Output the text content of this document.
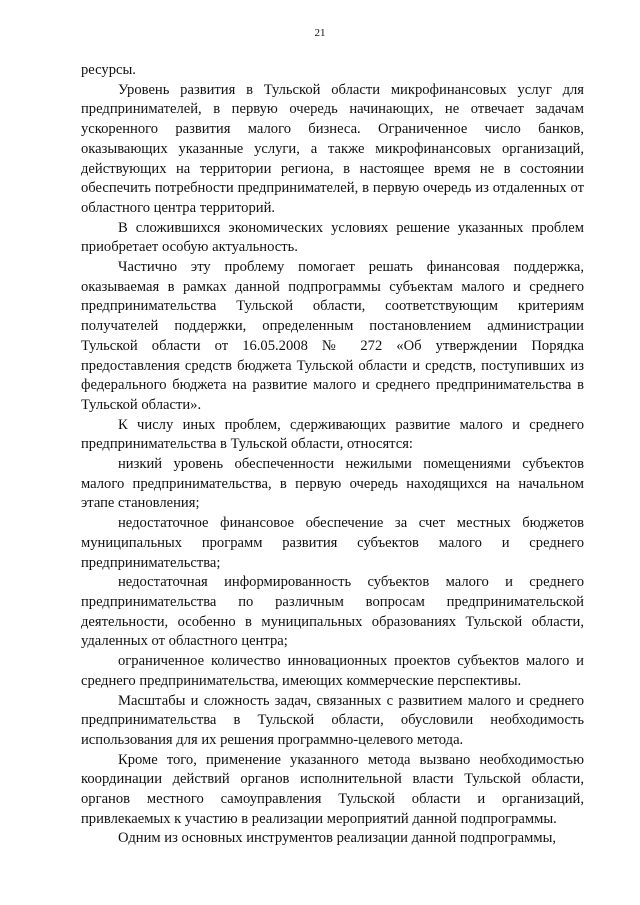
21

ресурсы.

Уровень развития в Тульской области микрофинансовых услуг для предпринимателей, в первую очередь начинающих, не отвечает задачам ускоренного развития малого бизнеса. Ограниченное число банков, оказывающих указанные услуги, а также микрофинансовых организаций, действующих на территории региона, в настоящее время не в состоянии обеспечить потребности предпринимателей, в первую очередь из отдаленных от областного центра территорий.

В сложившихся экономических условиях решение указанных проблем приобретает особую актуальность.

Частично эту проблему помогает решать финансовая поддержка, оказываемая в рамках данной подпрограммы субъектам малого и среднего предпринимательства Тульской области, соответствующим критериям получателей поддержки, определенным постановлением администрации Тульской области от 16.05.2008 № 272 «Об утверждении Порядка предоставления средств бюджета Тульской области и средств, поступивших из федерального бюджета на развитие малого и среднего предпринимательства в Тульской области».

К числу иных проблем, сдерживающих развитие малого и среднего предпринимательства в Тульской области, относятся:

низкий уровень обеспеченности нежилыми помещениями субъектов малого предпринимательства, в первую очередь находящихся на начальном этапе становления;

недостаточное финансовое обеспечение за счет местных бюджетов муниципальных программ развития субъектов малого и среднего предпринимательства;

недостаточная информированность субъектов малого и среднего предпринимательства по различным вопросам предпринимательской деятельности, особенно в муниципальных образованиях Тульской области, удаленных от областного центра;

ограниченное количество инновационных проектов субъектов малого и среднего предпринимательства, имеющих коммерческие перспективы.

Масштабы и сложность задач, связанных с развитием малого и среднего предпринимательства в Тульской области, обусловили необходимость использования для их решения программно-целевого метода.

Кроме того, применение указанного метода вызвано необходимостью координации действий органов исполнительной власти Тульской области, органов местного самоуправления Тульской области и организаций, привлекаемых к участию в реализации мероприятий данной подпрограммы.

Одним из основных инструментов реализации данной подпрограммы,
